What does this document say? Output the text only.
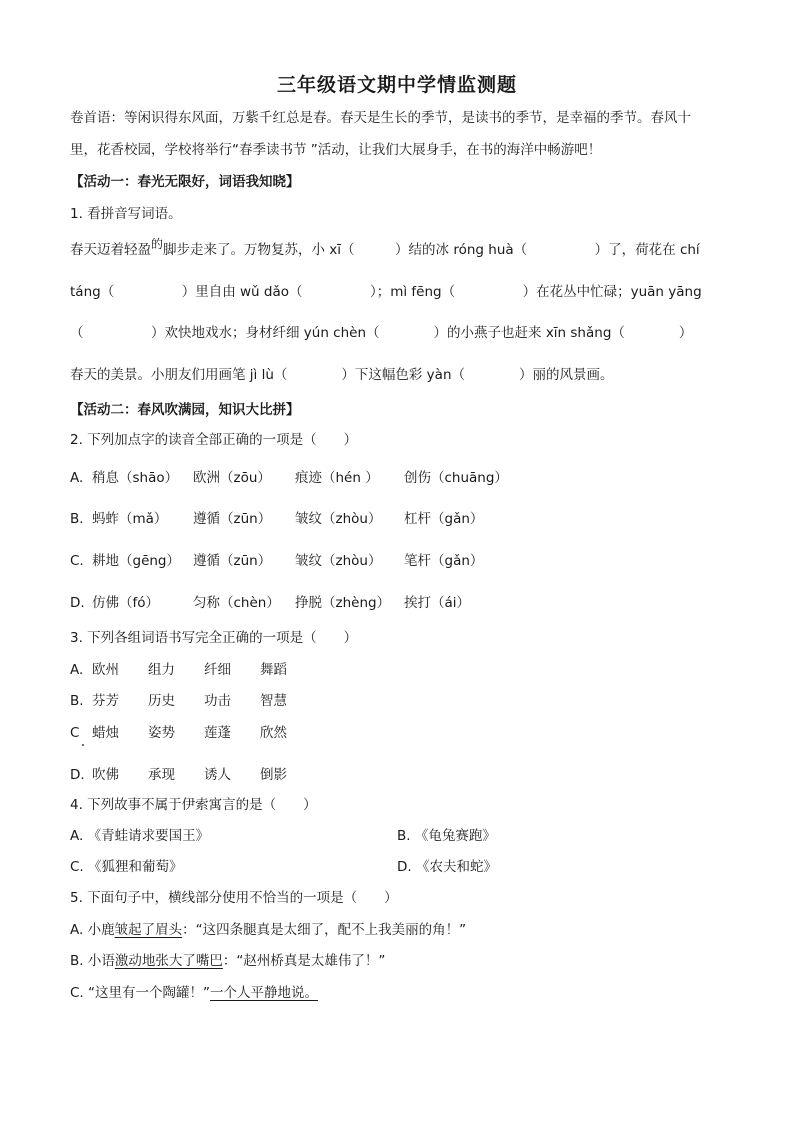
三年级语文期中学情监测题
卷首语：等闲识得东风面，万紫千红总是春。春天是生长的季节，是读书的季节，是幸福的季节。春风十
里，花香校园，学校将举行“春季读书节 ”活动，让我们大展身手，在书的海洋中畅游吧！
【活动一：春光无限好，词语我知晓】
1. 看拼音写词语。
春天迈着轻盈的脚步走来了。万物复苏，小 xī（　　　）结的冰 róng huà（　　　　　）了，荷花在 chí
táng（　　　　　）里自由 wǔ dǎo（　　　　　）；mì fēng（　　　　　）在花丛中忙碌；yuān yāng
（　　　　　）欢快地戏水；身材纤细 yún chèn（　　　　）的小燕子也赶来 xīn shǎng（　　　　）
春天的美景。小朋友们用画笔 jì lù（　　　　）下这幅色彩 yàn（　　　　）丽的风景画。
【活动二：春风吹满园，知识大比拼】
2. 下列加点字的读音全部正确的一项是（　　）
A. 稍息（shāo） 欧洲（zōu） 痕迹（hén ） 创伤（chuāng）
B. 蚂蚱（mǎ） 遵循（zūn） 皱纹（zhòu） 杠杆（gǎn）
C. 耕地（gēng） 遵循（zūn） 皱纹（zhòu） 笔杆（gǎn）
D. 仿佛（fó）	匀称（chèn） 挣脱（zhèng） 挨打（ái）
3. 下列各组词语书写完全正确的一项是（　　）
A. 欧州 组力 纤细 舞蹈
B. 芬芳 历史 功击 智慧
C 蜡烛 姿势 莲蓬 欣然
D. 吹佛 承现 诱人 倒影
4. 下列故事不属于伊索寓言的是（　　）
A. 《青蛙请求要国王》	B. 《龟兔赛跑》
C. 《狐狸和葡萄》	D. 《农夫和蛇》
5. 下面句子中，横线部分使用不恰当的一项是（　　）
A. 小鹿皱起了眉头：“这四条腿真是太细了，配不上我美丽的角！”
B. 小语激动地张大了嘴巴：“赵州桥真是太雄伟了！”
C. “这里有一个陶罐！”一个人平静地说。
